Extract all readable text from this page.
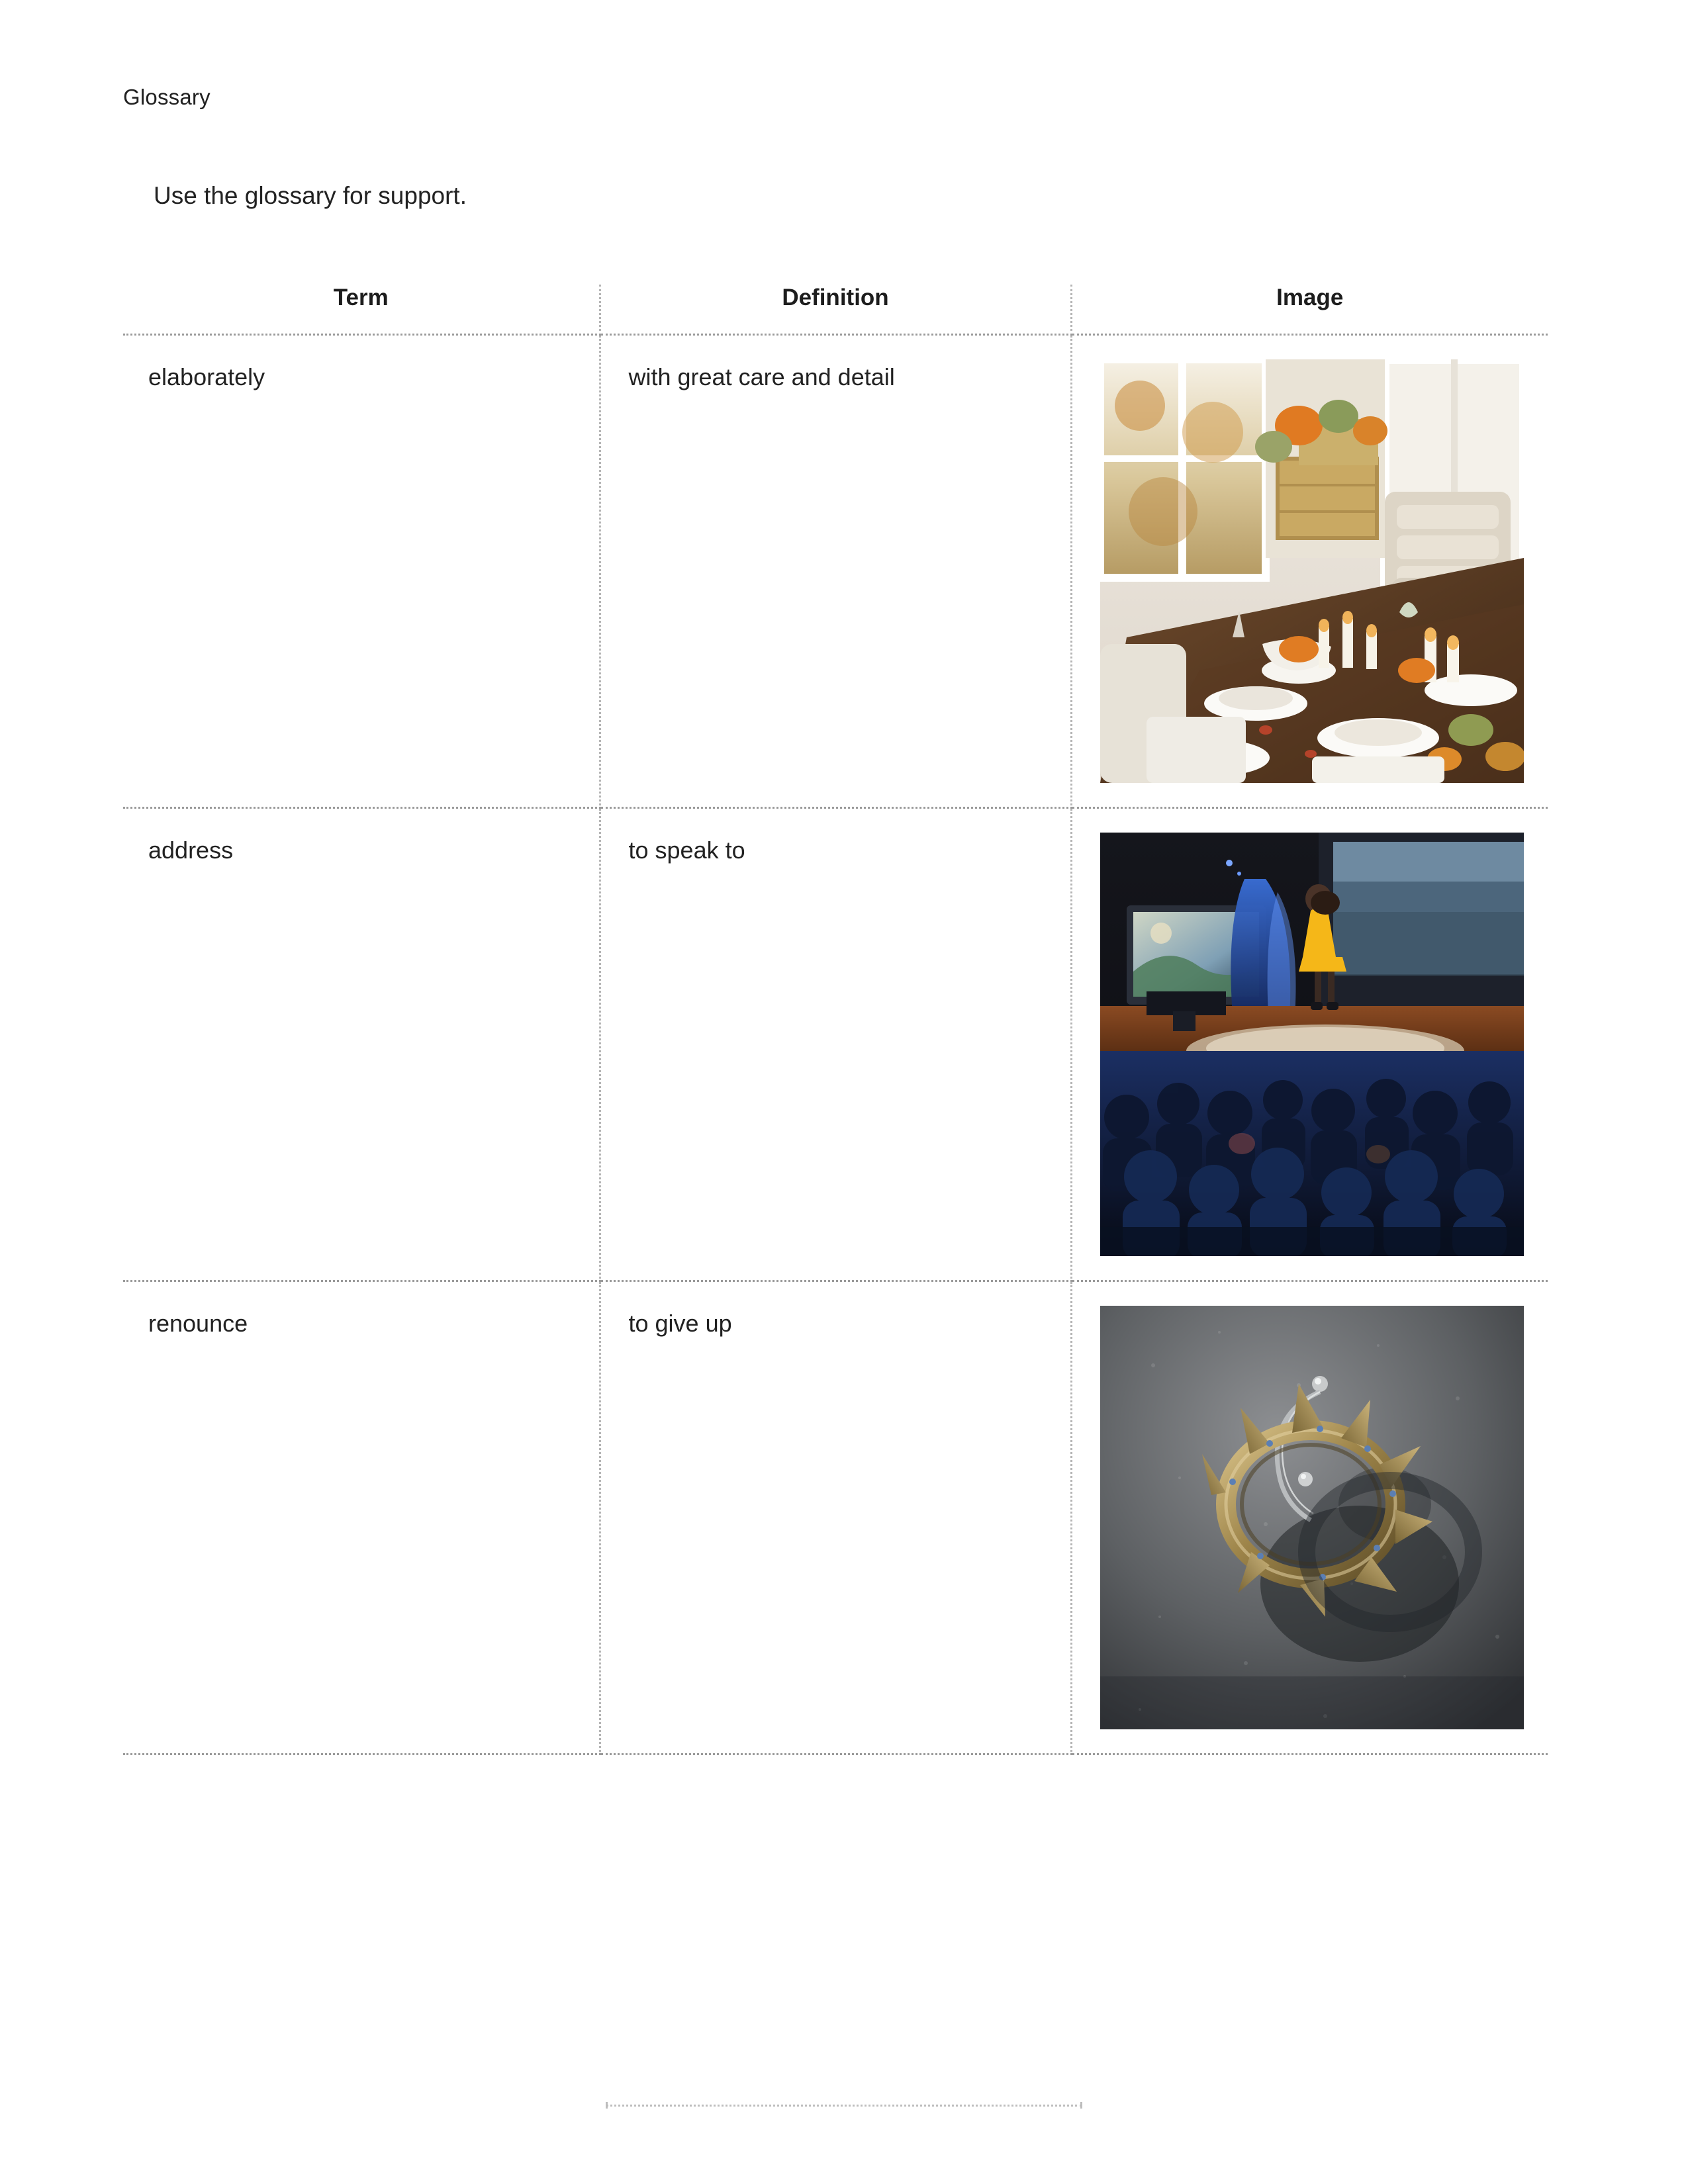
Glossary
Use the glossary for support.
Term	Definition	Image
elaborately	with great care and detail	

address	to speak to	

renounce	to give up	
